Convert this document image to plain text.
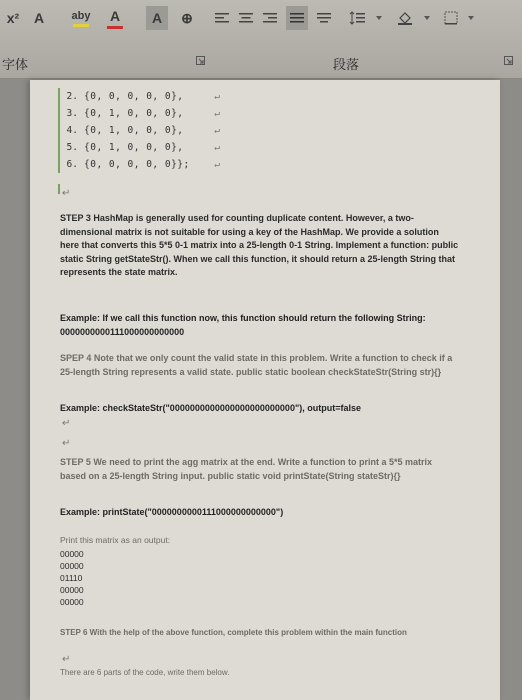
x²	A aby A A ⊕
字体	段落
2. {0, 0, 0, 0, 0},	↵
3. {0, 1, 0, 0, 0},	↵
4. {0, 1, 0, 0, 0},	↵
5. {0, 1, 0, 0, 0},	↵
6. {0, 0, 0, 0, 0}};	↵
↵
STEP 3 HashMap is generally used for counting duplicate content. However, a two-dimensional matrix is not suitable for using a key of the HashMap. We provide a solution here that converts this 5*5 0-1 matrix into a 25-length 0-1 String. Implement a function: public static String getStateStr(). When we call this function, it should return a 25-length String that represents the state matrix.
Example: If we call this function now, this function should return the following String:
0000000000111000000000000
SPEP 4 Note that we only count the valid state in this problem. Write a function to check if a 25-length String represents a valid state. public static boolean checkStateStr(String str){}
Example: checkStateStr("0000000000000000000000000"), output=false
↵
↵
STEP 5 We need to print the agg matrix at the end. Write a function to print a 5*5 matrix based on a 25-length String input. public static void printState(String stateStr){}
Example: printState("0000000000111000000000000")
Print this matrix as an output:
00000
00000
01110
00000
00000
STEP 6 With the help of the above function, complete this problem within the main function
↵
There are 6 parts of the code, write them below.
